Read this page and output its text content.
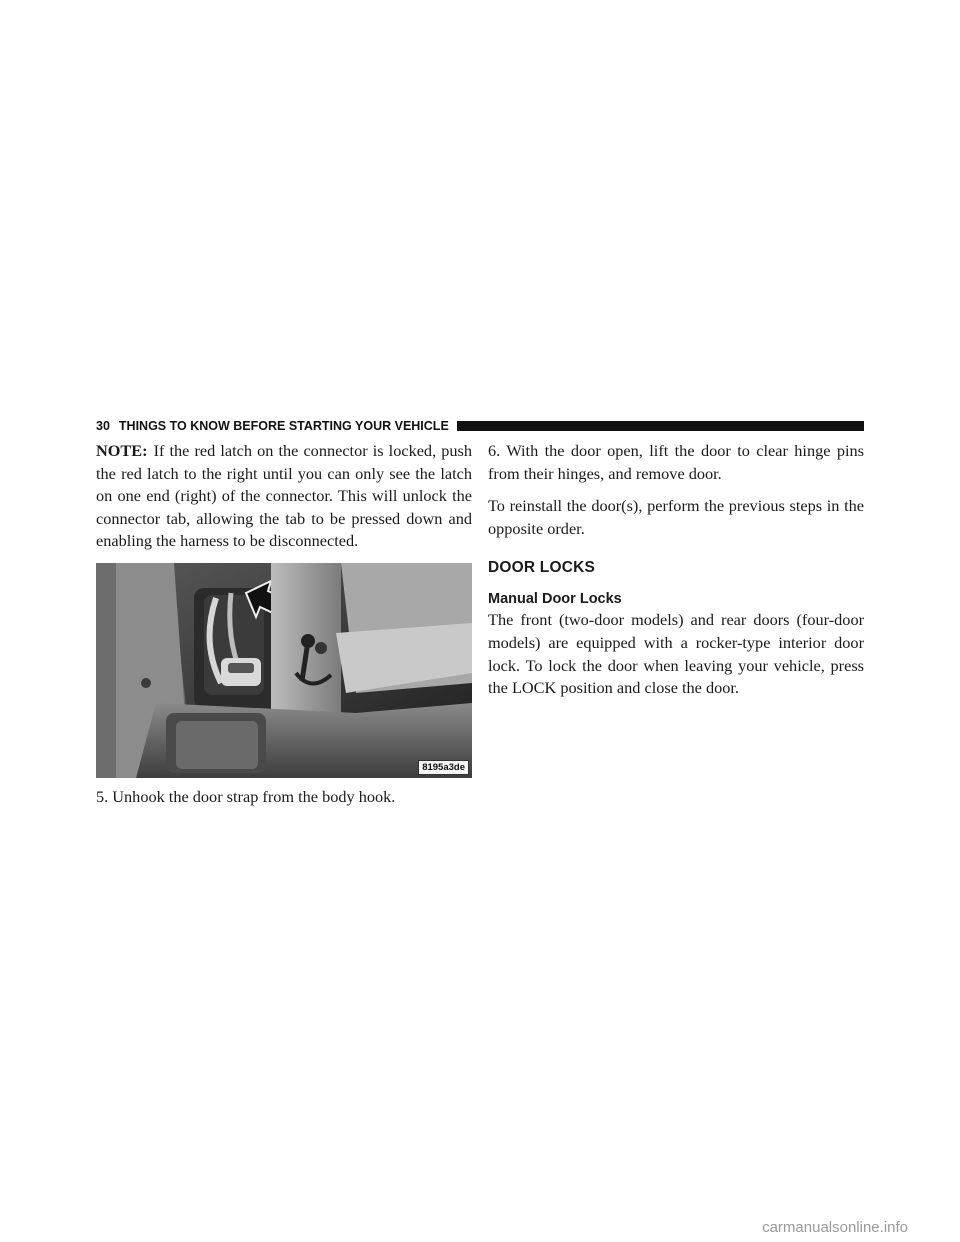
30 THINGS TO KNOW BEFORE STARTING YOUR VEHICLE

NOTE: If the red latch on the connector is locked, push the red latch to the right until you can only see the latch on one end (right) of the connector. This will unlock the connector tab, allowing the tab to be pressed down and enabling the harness to be disconnected.

8195a3de

5. Unhook the door strap from the body hook.

6. With the door open, lift the door to clear hinge pins from their hinges, and remove door.

To reinstall the door(s), perform the previous steps in the opposite order.

DOOR LOCKS
Manual Door Locks

The front (two-door models) and rear doors (four-door models) are equipped with a rocker-type interior door lock. To lock the door when leaving your vehicle, press the LOCK position and close the door.

carmanualsonline.info
